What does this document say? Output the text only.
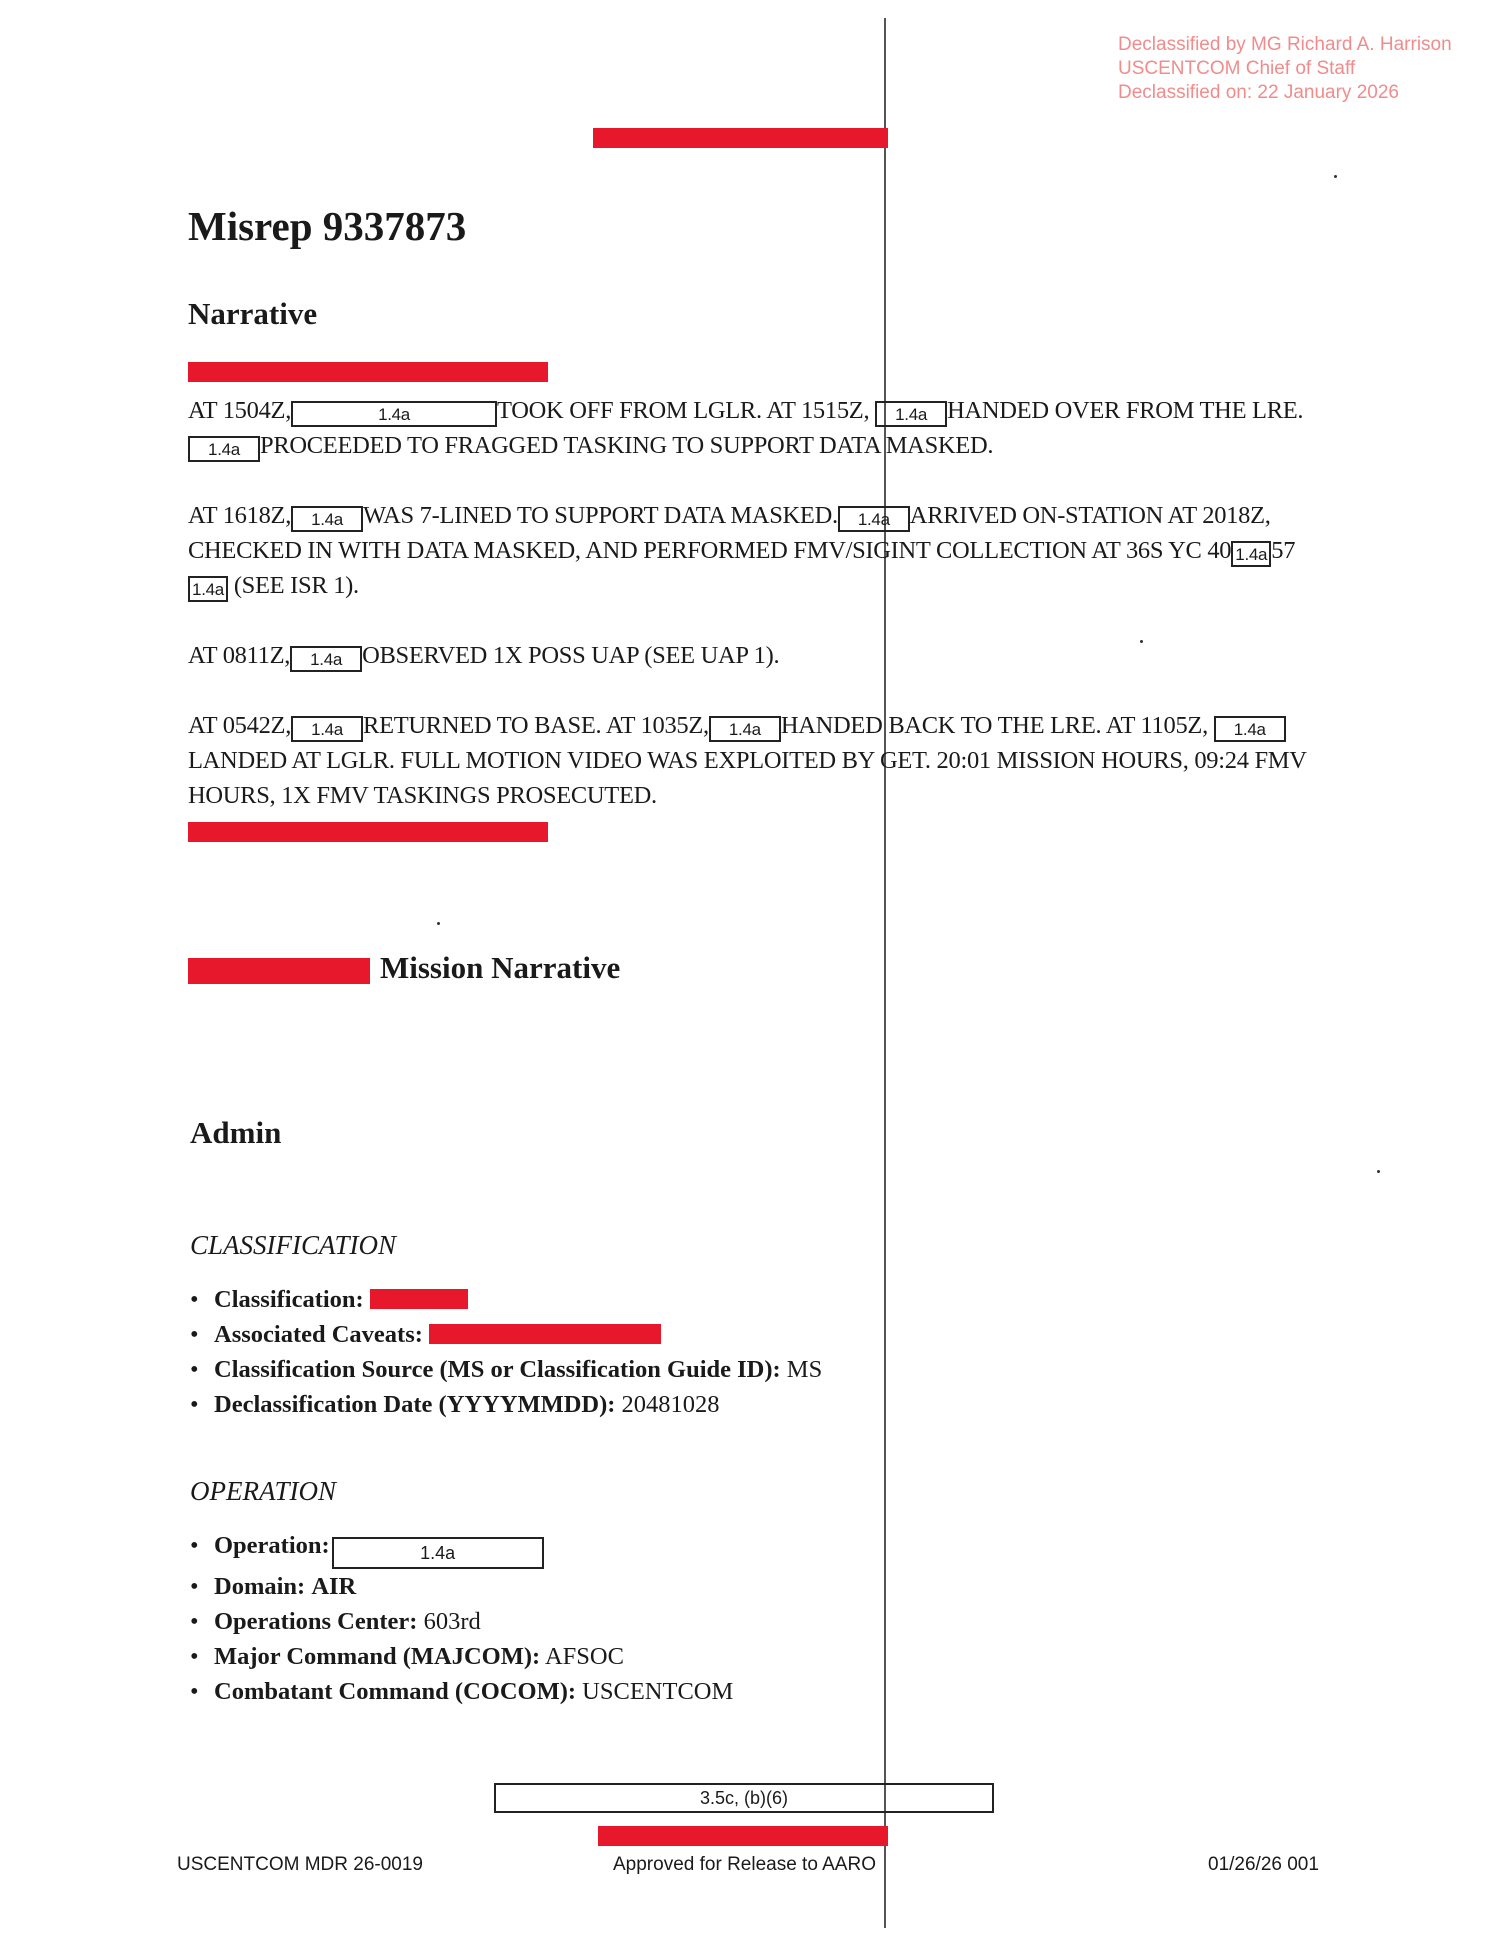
Declassified by MG Richard A. Harrison
USCENTCOM Chief of Staff
Declassified on: 22 January 2026
Misrep 9337873
Narrative
AT 1504Z,	1.4a	TOOK OFF FROM LGLR. AT 1515Z, 1.4a HANDED OVER FROM THE LRE. 1.4a PROCEEDED TO FRAGGED TASKING TO SUPPORT DATA MASKED.
AT 1618Z, 1.4a WAS 7-LINED TO SUPPORT DATA MASKED. 1.4a ARRIVED ON-STATION AT 2018Z, CHECKED IN WITH DATA MASKED, AND PERFORMED FMV/SIGINT COLLECTION AT 36S YC 40 1.4a 571.4a (SEE ISR 1).
AT 0811Z, 1.4a OBSERVED 1X POSS UAP (SEE UAP 1).
AT 0542Z, 1.4a RETURNED TO BASE. AT 1035Z, 1.4a HANDED BACK TO THE LRE. AT 1105Z, 1.4a LANDED AT LGLR. FULL MOTION VIDEO WAS EXPLOITED BY GET. 20:01 MISSION HOURS, 09:24 FMV HOURS, 1X FMV TASKINGS PROSECUTED.
Mission Narrative
Admin
CLASSIFICATION
• Classification:
• Associated Caveats:
• Classification Source (MS or Classification Guide ID): MS
• Declassification Date (YYYYMMDD): 20481028
OPERATION
• Operation:	1.4a
• Domain: AIR
• Operations Center: 603rd
• Major Command (MAJCOM): AFSOC
• Combatant Command (COCOM): USCENTCOM
3.5c, (b)(6)
USCENTCOM MDR 26-0019	Approved for Release to AARO	01/26/26 001
